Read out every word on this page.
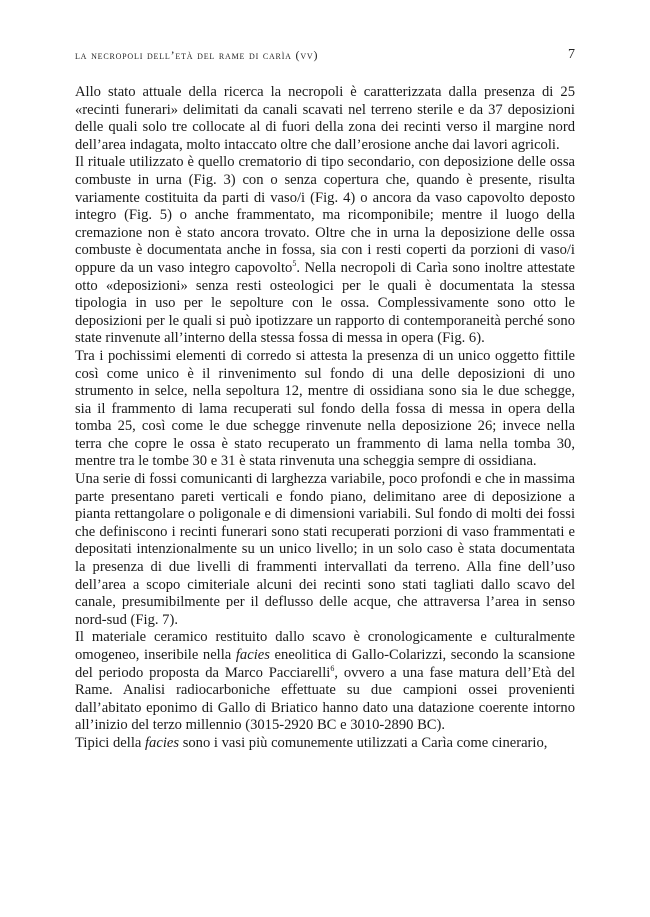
la necropoli dell’età del rame di carìa (vv)	7

Allo stato attuale della ricerca la necropoli è caratterizzata dalla presenza di 25 «recinti funerari» delimitati da canali scavati nel terreno sterile e da 37 deposizioni delle quali solo tre collocate al di fuori della zona dei recinti verso il margine nord dell’area indagata, molto intaccato oltre che dall’erosione anche dai lavori agricoli.

Il rituale utilizzato è quello crematorio di tipo secondario, con deposizione delle ossa combuste in urna (Fig. 3) con o senza copertura che, quando è presente, risulta variamente costituita da parti di vaso/i (Fig. 4) o ancora da vaso capovolto deposto integro (Fig. 5) o anche frammentato, ma ricomponibile; mentre il luogo della cremazione non è stato ancora trovato. Oltre che in urna la deposizione delle ossa combuste è documentata anche in fossa, sia con i resti coperti da porzioni di vaso/i oppure da un vaso integro capovolto$^5$. Nella necropoli di Carìa sono inoltre attestate otto «deposizioni» senza resti osteologici per le quali è documentata la stessa tipologia in uso per le sepolture con le ossa. Complessivamente sono otto le deposizioni per le quali si può ipotizzare un rapporto di contemporaneità perché sono state rinvenute all’interno della stessa fossa di messa in opera (Fig. 6).

Tra i pochissimi elementi di corredo si attesta la presenza di un unico oggetto fittile così come unico è il rinvenimento sul fondo di una delle deposizioni di uno strumento in selce, nella sepoltura 12, mentre di ossidiana sono sia le due schegge, sia il frammento di lama recuperati sul fondo della fossa di messa in opera della tomba 25, così come le due schegge rinvenute nella deposizione 26; invece nella terra che copre le ossa è stato recuperato un frammento di lama nella tomba 30, mentre tra le tombe 30 e 31 è stata rinvenuta una scheggia sempre di ossidiana.

Una serie di fossi comunicanti di larghezza variabile, poco profondi e che in massima parte presentano pareti verticali e fondo piano, delimitano aree di deposizione a pianta rettangolare o poligonale e di dimensioni variabili. Sul fondo di molti dei fossi che definiscono i recinti funerari sono stati recuperati porzioni di vaso frammentati e depositati intenzionalmente su un unico livello; in un solo caso è stata documentata la presenza di due livelli di frammenti intervallati da terreno. Alla fine dell’uso dell’area a scopo cimiteriale alcuni dei recinti sono stati tagliati dallo scavo del canale, presumibilmente per il deflusso delle acque, che attraversa l’area in senso nord-sud (Fig. 7).

Il materiale ceramico restituito dallo scavo è cronologicamente e culturalmente omogeneo, inseribile nella facies eneolitica di Gallo-Colarizzi, secondo la scansione del periodo proposta da Marco Pacciarelli$^6$, ovvero a una fase matura dell’Età del Rame. Analisi radiocarboniche effettuate su due campioni ossei provenienti dall’abitato eponimo di Gallo di Briatico hanno dato una datazione coerente intorno all’inizio del terzo millennio (3015-2920 BC e 3010-2890 BC).

Tipici della facies sono i vasi più comunemente utilizzati a Carìa come cinerario,
